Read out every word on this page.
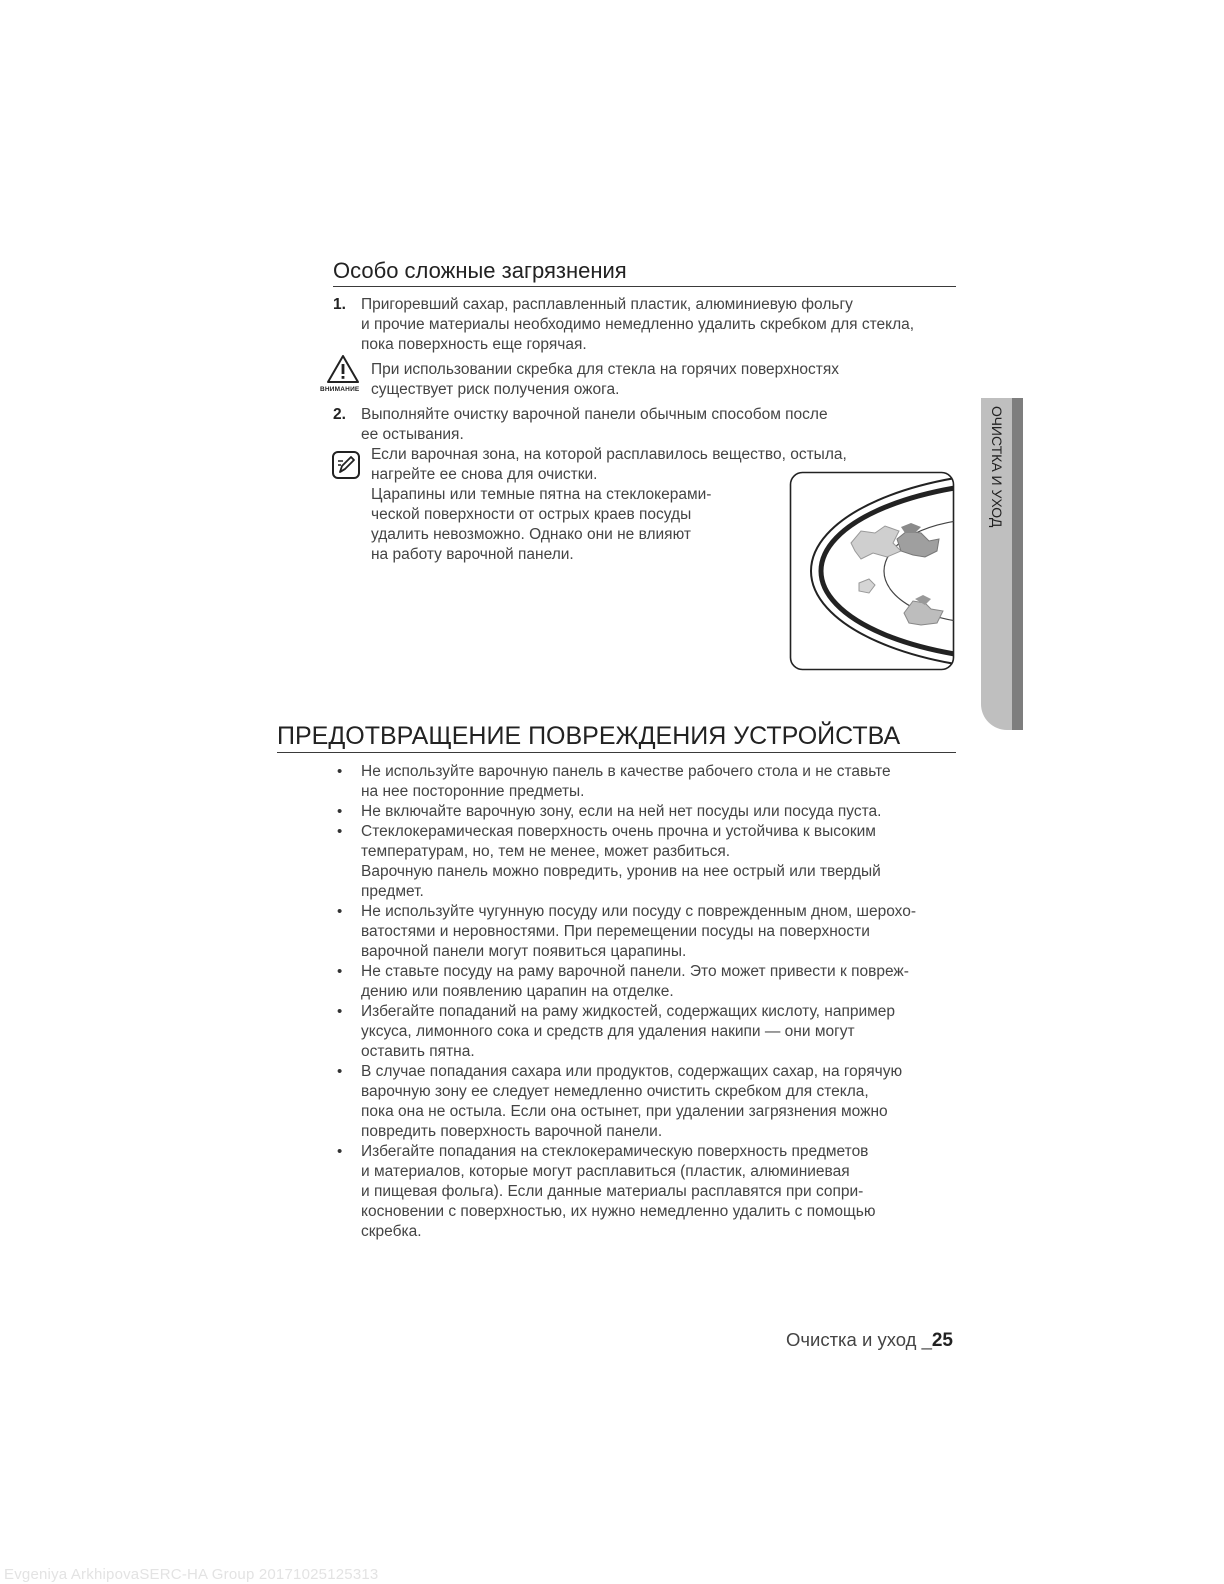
Особо сложные загрязнения
1. Пригоревший сахар, расплавленный пластик, алюминиевую фольгу
и прочие материалы необходимо немедленно удалить скребком для стекла,
пока поверхность еще горячая.
ВНИМАНИЕ
При использовании скребка для стекла на горячих поверхностях
существует риск получения ожога.
2. Выполняйте очистку варочной панели обычным способом после
ее остывания.
Если варочная зона, на которой расплавилось вещество, остыла,
нагрейте ее снова для очистки.
Царапины или темные пятна на стеклокерами-
ческой поверхности от острых краев посуды
удалить невозможно. Однако они не влияют
на работу варочной панели.
ОЧИСТКА И УХОД
ПРЕДОТВРАЩЕНИЕ ПОВРЕЖДЕНИЯ УСТРОЙСТВА
• Не используйте варочную панель в качестве рабочего стола и не ставьте
на нее посторонние предметы.
• Не включайте варочную зону, если на ней нет посуды или посуда пуста.
• Стеклокерамическая поверхность очень прочна и устойчива к высоким
температурам, но, тем не менее, может разбиться.
Варочную панель можно повредить, уронив на нее острый или твердый
предмет.
• Не используйте чугунную посуду или посуду с поврежденным дном, шерохо-
ватостями и неровностями. При перемещении посуды на поверхности
варочной панели могут появиться царапины.
• Не ставьте посуду на раму варочной панели. Это может привести к повреж-
дению или появлению царапин на отделке.
• Избегайте попаданий на раму жидкостей, содержащих кислоту, например
уксуса, лимонного сока и средств для удаления накипи — они могут
оставить пятна.
• В случае попадания сахара или продуктов, содержащих сахар, на горячую
варочную зону ее следует немедленно очистить скребком для стекла,
пока она не остыла. Если она остынет, при удалении загрязнения можно
повредить поверхность варочной панели.
• Избегайте попадания на стеклокерамическую поверхность предметов
и материалов, которые могут расплавиться (пластик, алюминиевая
и пищевая фольга). Если данные материалы расплавятся при сопри-
косновении с поверхностью, их нужно немедленно удалить с помощью
скребка.
Очистка и уход _25
Evgeniya ArkhipovaSERC-HA Group 20171025125313
